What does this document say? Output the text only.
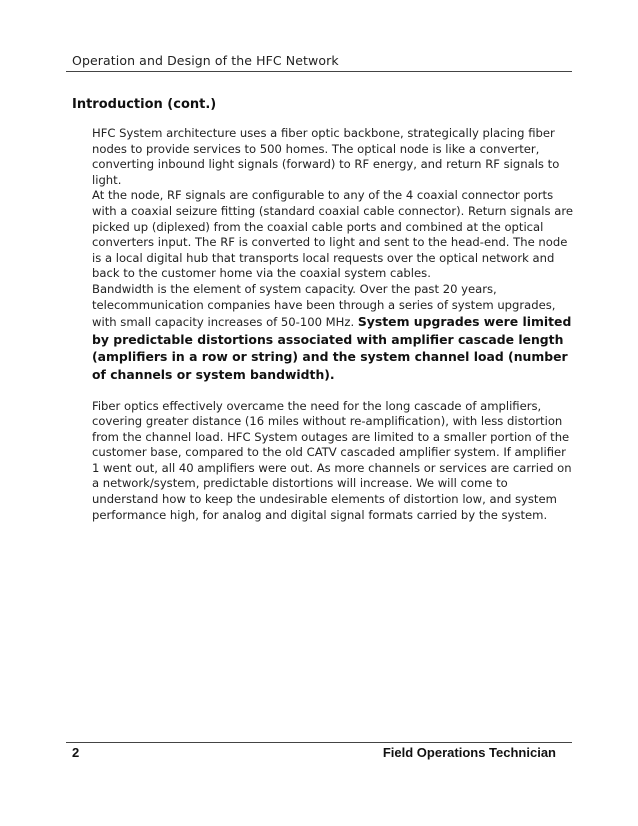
Operation and Design of the HFC Network
Introduction (cont.)

HFC System architecture uses a fiber optic backbone, strategically placing fiber nodes to provide services to 500 homes. The optical node is like a converter, converting inbound light signals (forward) to RF energy, and return RF signals to light.

At the node, RF signals are configurable to any of the 4 coaxial connector ports with a coaxial seizure fitting (standard coaxial cable connector). Return signals are picked up (diplexed) from the coaxial cable ports and combined at the optical converters input. The RF is converted to light and sent to the head-end. The node is a local digital hub that transports local requests over the optical network and back to the customer home via the coaxial system cables.

Bandwidth is the element of system capacity. Over the past 20 years, telecommunication companies have been through a series of system upgrades, with small capacity increases of 50-100 MHz. System upgrades were limited by predictable distortions associated with amplifier cascade length (amplifiers in a row or string) and the system channel load (number of channels or system bandwidth).

Fiber optics effectively overcame the need for the long cascade of amplifiers, covering greater distance (16 miles without re-amplification), with less distortion from the channel load. HFC System outages are limited to a smaller portion of the customer base, compared to the old CATV cascaded amplifier system. If amplifier 1 went out, all 40 amplifiers were out. As more channels or services are carried on a network/system, predictable distortions will increase. We will come to understand how to keep the undesirable elements of distortion low, and system performance high, for analog and digital signal formats carried by the system.

2	Field Operations Technician
